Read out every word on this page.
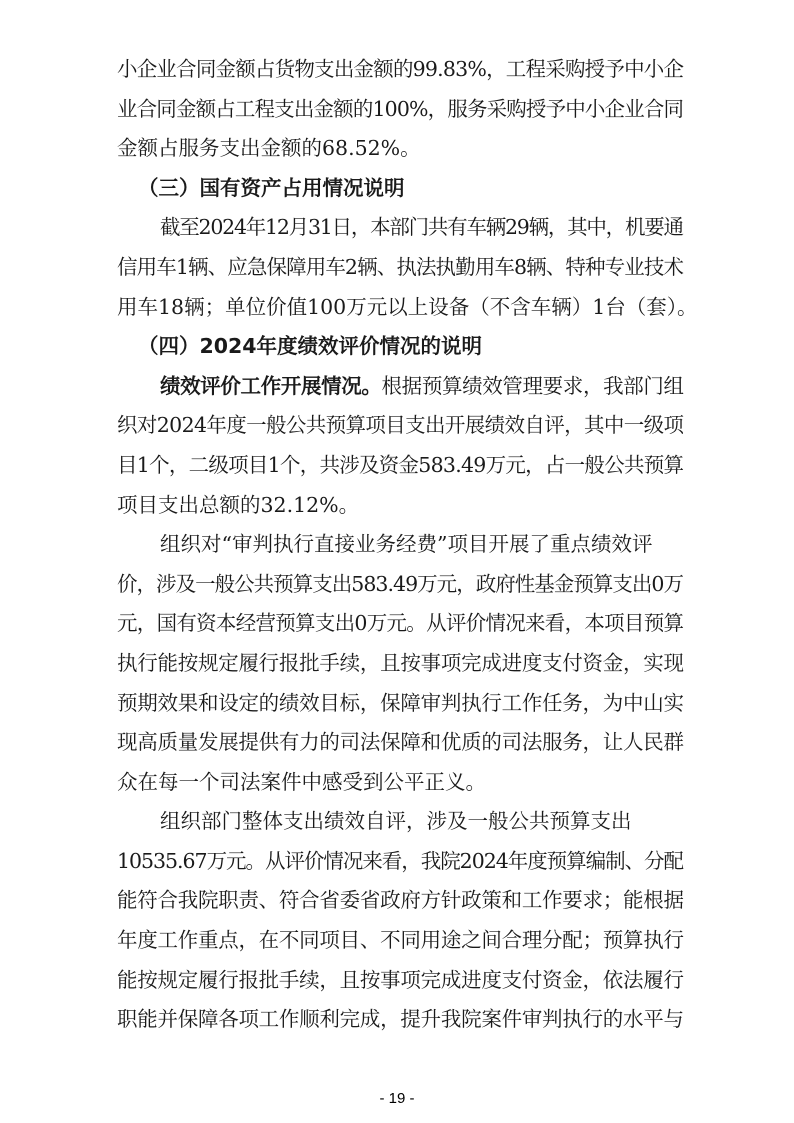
小企业合同金额占货物支出金额的99.83%，工程采购授予中小企
业合同金额占工程支出金额的100%，服务采购授予中小企业合同
金额占服务支出金额的68.52%。
（三）国有资产占用情况说明
截至2024年12月31日，本部门共有车辆29辆，其中，机要通
信用车1辆、应急保障用车2辆、执法执勤用车8辆、特种专业技术
用车18辆；单位价值100万元以上设备（不含车辆）1台（套）。
（四）2024年度绩效评价情况的说明
绩效评价工作开展情况。根据预算绩效管理要求，我部门组
织对2024年度一般公共预算项目支出开展绩效自评，其中一级项
目1个，二级项目1个，共涉及资金583.49万元，占一般公共预算
项目支出总额的32.12%。
组织对“审判执行直接业务经费”项目开展了重点绩效评
价，涉及一般公共预算支出583.49万元，政府性基金预算支出0万
元，国有资本经营预算支出0万元。从评价情况来看，本项目预算
执行能按规定履行报批手续，且按事项完成进度支付资金，实现
预期效果和设定的绩效目标，保障审判执行工作任务，为中山实
现高质量发展提供有力的司法保障和优质的司法服务，让人民群
众在每一个司法案件中感受到公平正义。
组织部门整体支出绩效自评，涉及一般公共预算支出
10535.67万元。从评价情况来看，我院2024年度预算编制、分配
能符合我院职责、符合省委省政府方针政策和工作要求；能根据
年度工作重点，在不同项目、不同用途之间合理分配；预算执行
能按规定履行报批手续，且按事项完成进度支付资金，依法履行
职能并保障各项工作顺利完成，提升我院案件审判执行的水平与
- 19 -
